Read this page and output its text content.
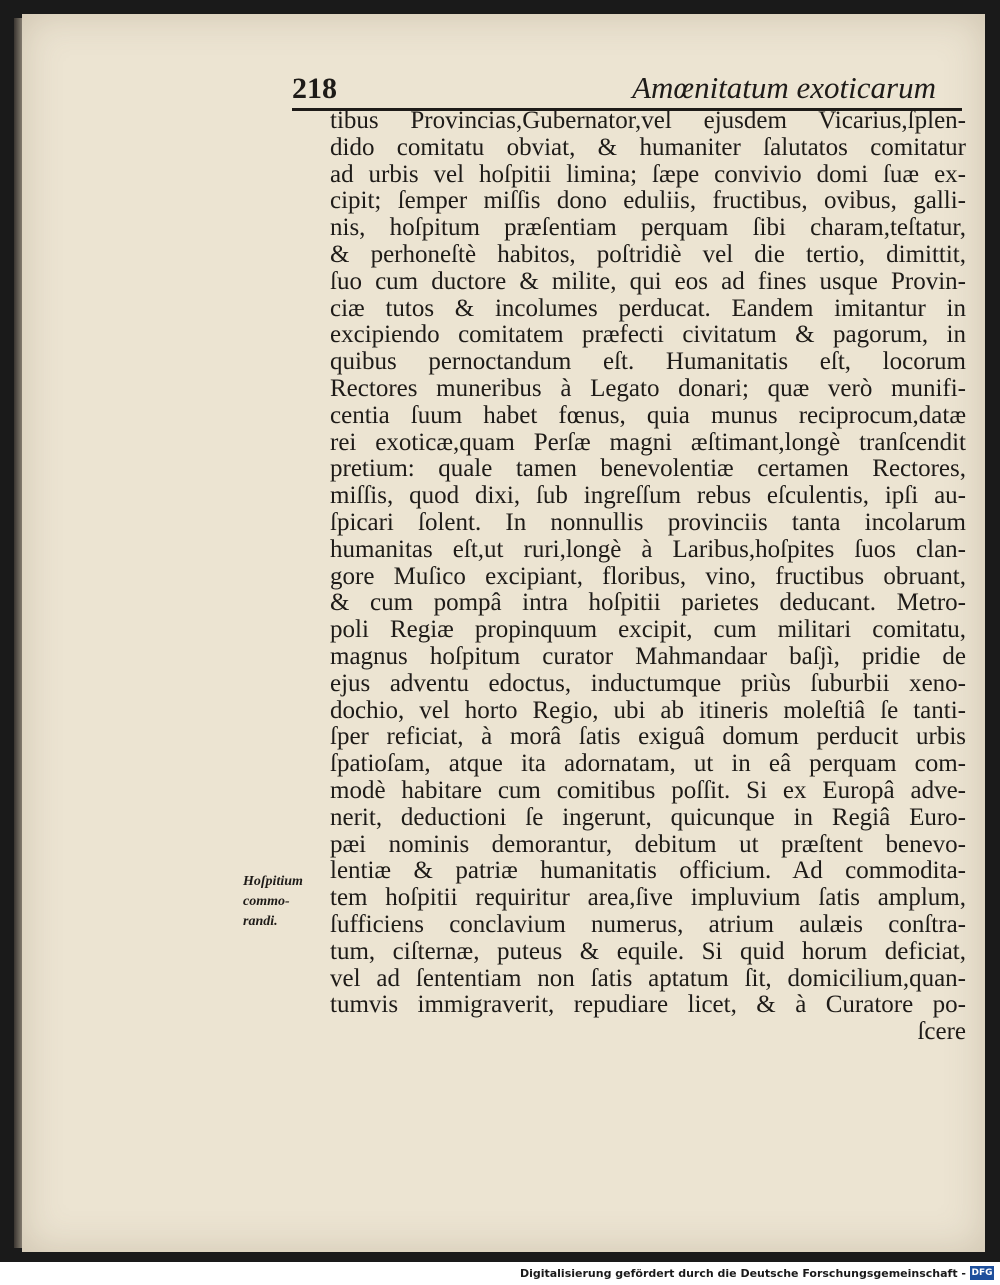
218	Amœnitatum exoticarum
tibus Provincias,Gubernator,vel ejusdem Vicarius,ſplen-
dido comitatu obviat, & humaniter ſalutatos comitatur
ad urbis vel hoſpitii limina; ſæpe convivio domi ſuæ ex-
cipit; ſemper miſſis dono eduliis, fructibus, ovibus, galli-
nis, hoſpitum præſentiam perquam ſibi charam,teſtatur,
& perhoneſtè habitos, poſtridiè vel die tertio, dimittit,
ſuo cum ductore & milite, qui eos ad fines usque Provin-
ciæ tutos & incolumes perducat. Eandem imitantur in
excipiendo comitatem præfecti civitatum & pagorum, in
quibus pernoctandum eſt. Humanitatis eſt, locorum
Rectores muneribus à Legato donari; quæ verò munifi-
centia ſuum habet fœnus, quia munus reciprocum,datæ
rei exoticæ,quam Perſæ magni æſtimant,longè tranſcendit
pretium: quale tamen benevolentiæ certamen Rectores,
miſſis, quod dixi, ſub ingreſſum rebus eſculentis, ipſi au-
ſpicari ſolent. In nonnullis provinciis tanta incolarum
humanitas eſt,ut ruri,longè à Laribus,hoſpites ſuos clan-
gore Muſico excipiant, floribus, vino, fructibus obruant,
& cum pompâ intra hoſpitii parietes deducant. Metro-
poli Regiæ propinquum excipit, cum militari comitatu,
magnus hoſpitum curator Mahmandaar baſjì, pridie de
ejus adventu edoctus, inductumque priùs ſuburbii xeno-
dochio, vel horto Regio, ubi ab itineris moleſtiâ ſe tanti-
ſper reficiat, à morâ ſatis exiguâ domum perducit urbis
ſpatioſam, atque ita adornatam, ut in eâ perquam com-
modè habitare cum comitibus poſſit. Si ex Europâ adve-
nerit, deductioni ſe ingerunt, quicunque in Regiâ Euro-
pæi nominis demorantur, debitum ut præſtent benevo-
lentiæ & patriæ humanitatis officium. Ad commodita-
tem hoſpitii requiritur area,ſive impluvium ſatis amplum,
ſufficiens conclavium numerus, atrium aulæis conſtra-
tum, ciſternæ, puteus & equile. Si quid horum deficiat,
vel ad ſententiam non ſatis aptatum ſit, domicilium,quan-
tumvis immigraverit, repudiare licet, & à Curatore po-
ſcere
Hoſpitium
commo-
randi.
Digitalisierung gefördert durch die Deutsche Forschungsgemeinschaft - DFG
